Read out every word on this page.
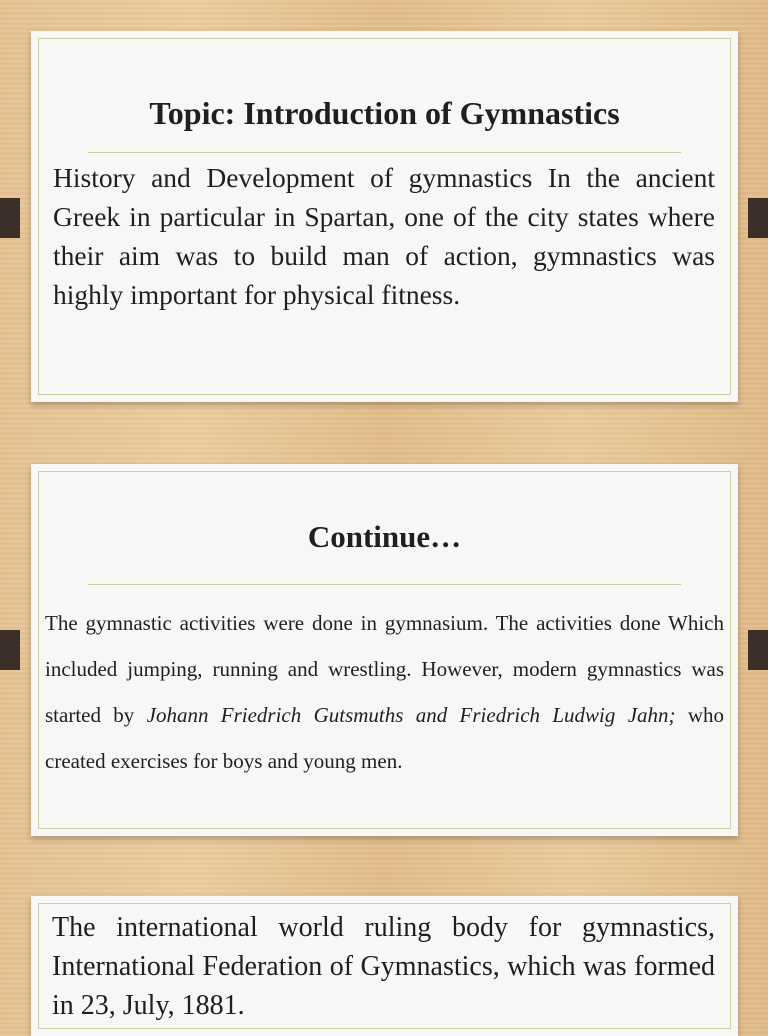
Topic: Introduction of Gymnastics

History and Development of gymnastics In the ancient Greek in particular in Spartan, one of the city states where their aim was to build man of action, gymnastics was highly important for physical fitness.

Continue…

The gymnastic activities were done in gymnasium. The activities done Which included jumping, running and wrestling. However, modern gymnastics was started by Johann Friedrich Gutsmuths and Friedrich Ludwig Jahn; who created exercises for boys and young men.

The international world ruling body for gymnastics, International Federation of Gymnastics, which was formed in 23, July, 1881.
